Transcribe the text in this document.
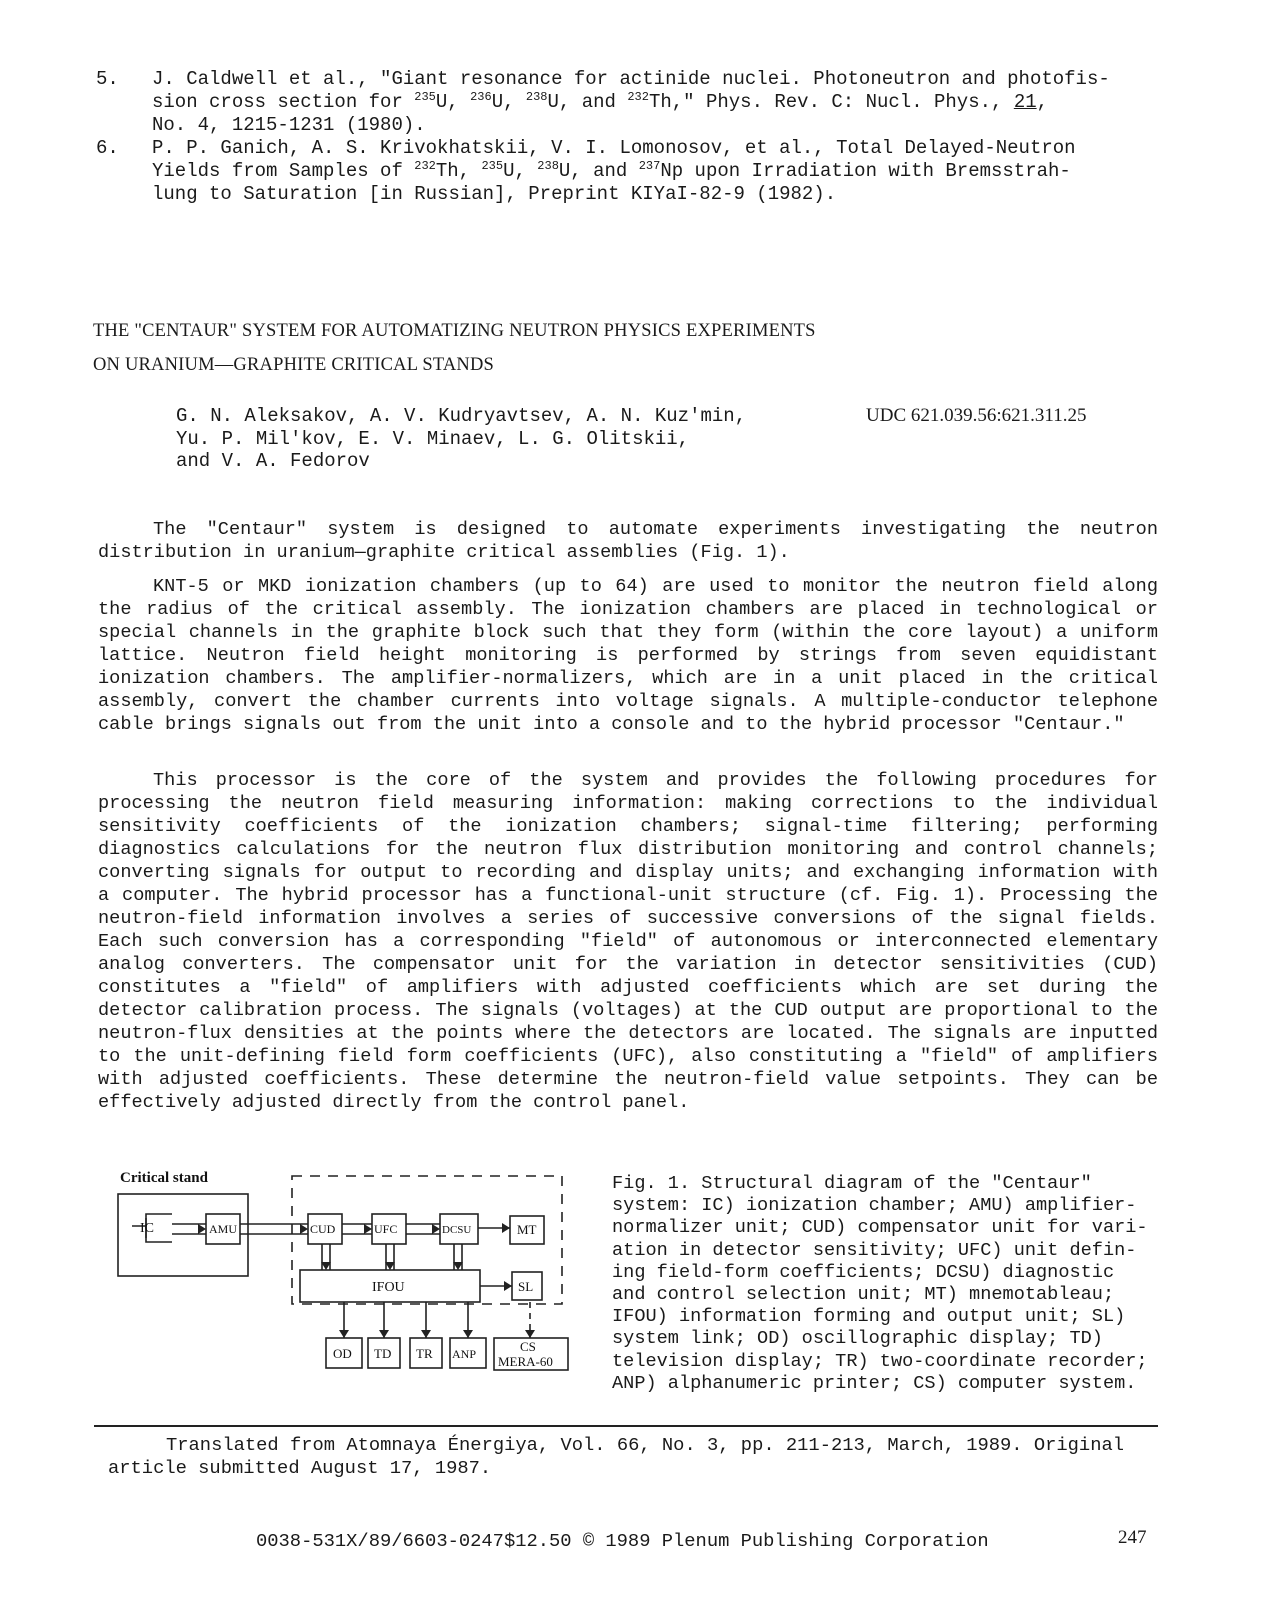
5. J. Caldwell et al., "Giant resonance for actinide nuclei. Photoneutron and photofis-
sion cross section for $^{235}$U, $^{236}$U, $^{238}$U, and $^{232}$Th," Phys. Rev. C: Nucl. Phys., 21,
No. 4, 1215-1231 (1980).
6. P. P. Ganich, A. S. Krivokhatskii, V. I. Lomonosov, et al., Total Delayed-Neutron
Yields from Samples of $^{232}$Th, $^{235}$U, $^{238}$U, and $^{237}$Np upon Irradiation with Bremsstrah-
lung to Saturation [in Russian], Preprint KIYaI-82-9 (1982).
THE "CENTAUR" SYSTEM FOR AUTOMATIZING NEUTRON PHYSICS EXPERIMENTS
ON URANIUM—GRAPHITE CRITICAL STANDS
G. N. Aleksakov, A. V. Kudryavtsev, A. N. Kuz'min,
Yu. P. Mil'kov, E. V. Minaev, L. G. Olitskii,
and V. A. Fedorov
UDC 621.039.56:621.311.25
The "Centaur" system is designed to automate experiments investigating the neutron distribution in uranium—graphite critical assemblies (Fig. 1).
KNT-5 or MKD ionization chambers (up to 64) are used to monitor the neutron field along the radius of the critical assembly. The ionization chambers are placed in technological or special channels in the graphite block such that they form (within the core layout) a uniform lattice. Neutron field height monitoring is performed by strings from seven equidistant ionization chambers. The amplifier-normalizers, which are in a unit placed in the critical assembly, convert the chamber currents into voltage signals. A multiple-conductor telephone cable brings signals out from the unit into a console and to the hybrid processor "Centaur."
This processor is the core of the system and provides the following procedures for processing the neutron field measuring information: making corrections to the individual sensitivity coefficients of the ionization chambers; signal-time filtering; performing diagnostics calculations for the neutron flux distribution monitoring and control channels; converting signals for output to recording and display units; and exchanging information with a computer. The hybrid processor has a functional-unit structure (cf. Fig. 1). Processing the neutron-field information involves a series of successive conversions of the signal fields. Each such conversion has a corresponding "field" of autonomous or interconnected elementary analog converters. The compensator unit for the variation in detector sensitivities (CUD) constitutes a "field" of amplifiers with adjusted coefficients which are set during the detector calibration process. The signals (voltages) at the CUD output are proportional to the neutron-flux densities at the points where the detectors are located. The signals are inputted to the unit-defining field form coefficients (UFC), also constituting a "field" of amplifiers with adjusted coefficients. These determine the neutron-field value setpoints. They can be effectively adjusted directly from the control panel.
Critical stand
IC	AMU	CUD	UFC	DCSU	MT
IFOU	SL
OD TD TR ANP	CS
MERA-60
Fig. 1. Structural diagram of the "Centaur"
system: IC) ionization chamber; AMU) amplifier-
normalizer unit; CUD) compensator unit for vari-
ation in detector sensitivity; UFC) unit defin-
ing field-form coefficients; DCSU) diagnostic
and control selection unit; MT) mnemotableau;
IFOU) information forming and output unit; SL)
system link; OD) oscillographic display; TD)
television display; TR) two-coordinate recorder;
ANP) alphanumeric printer; CS) computer system.
Translated from Atomnaya Énergiya, Vol. 66, No. 3, pp. 211-213, March, 1989. Original article submitted August 17, 1987.
0038-531X/89/6603-0247$12.50 © 1989 Plenum Publishing Corporation	247
